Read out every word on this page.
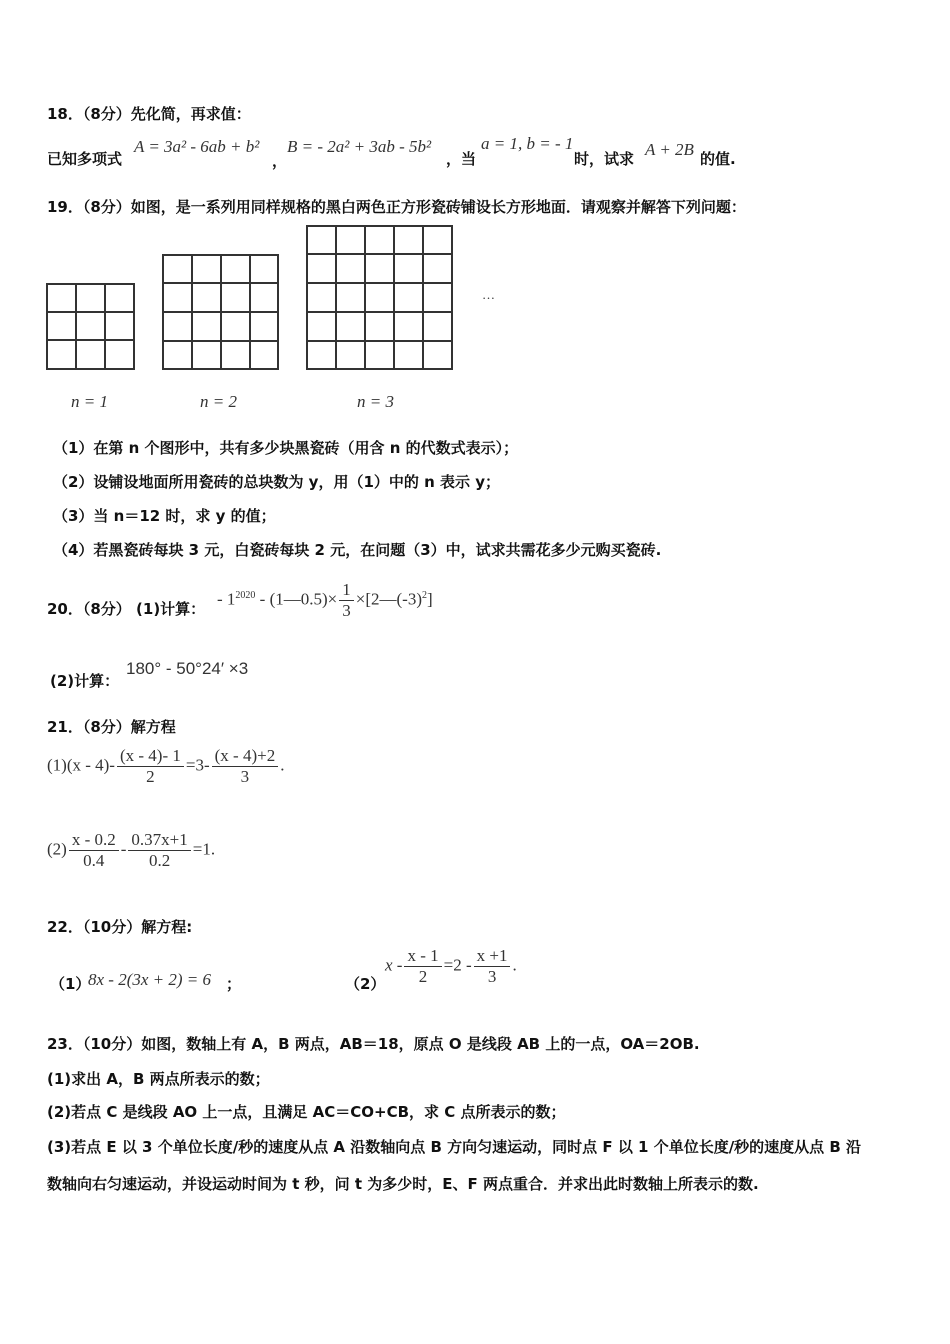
18．（8分）先化简，再求值：
已知多项式
A = 3a² - 6ab + b²
，
B = - 2a² + 3ab - 5b²
，当
a = 1, b = - 1
时，试求 A + 2B 的值.
19．（8分）如图，是一系列用同样规格的黑白两色正方形瓷砖铺设长方形地面．请观察并解答下列问题：
n = 1	n = 2	n = 3
…
（1）在第 n 个图形中，共有多少块黑瓷砖（用含 n 的代数式表示）；
（2）设铺设地面所用瓷砖的总块数为 y，用（1）中的 n 表示 y；
（3）当 n＝12 时，求 y 的值；
（4）若黑瓷砖每块 3 元，白瓷砖每块 2 元，在问题（3）中，试求共需花多少元购买瓷砖.
20．（8分） (1)计算：
- $1^{2020}$ - (1—0.5)× $\frac{1}{3}$ $\times[2—(-3)^2]$
(2)计算：
180° - 50°24′ ×3
21．（8分）解方程
$(1)(x - 4)- \frac{(x - 4)- 1}{2} =3- \frac{(x - 4)+2}{3}$ .
$(2) \frac{x - 0.2}{0.4} - \frac{0.37x+1}{0.2} =1$.
22．（10分）解方程:
（1）
8x - 2(3x + 2) = 6 ；	（2）
$x - \frac{x - 1}{2} =2 - \frac{x +1}{3}$ .
23．（10分）如图，数轴上有 A，B 两点，AB＝18，原点 O 是线段 AB 上的一点，OA＝2OB.
(1)求出 A，B 两点所表示的数；
(2)若点 C 是线段 AO 上一点，且满足 AC＝CO+CB，求 C 点所表示的数；
(3)若点 E 以 3 个单位长度/秒的速度从点 A 沿数轴向点 B 方向匀速运动，同时点 F 以 1 个单位长度/秒的速度从点 B 沿
数轴向右匀速运动，并设运动时间为 t 秒，问 t 为多少时，E、F 两点重合．并求出此时数轴上所表示的数.
